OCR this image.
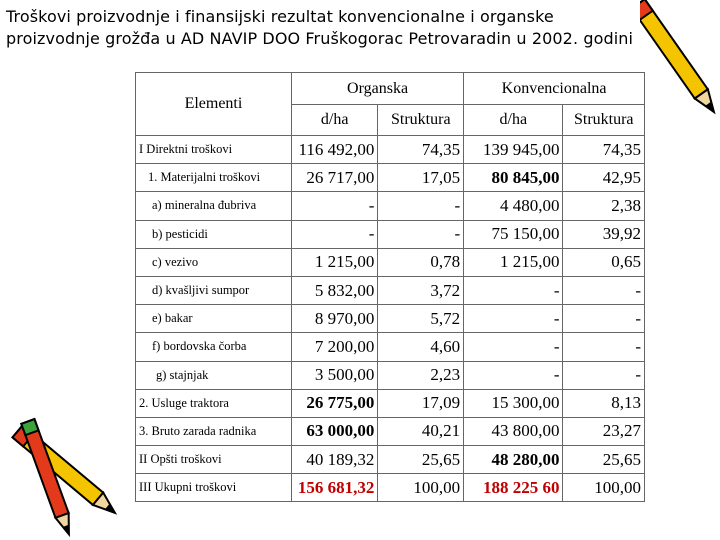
Troškovi proizvodnje i finansijski rezultat konvencionalne i organske
proizvodnje grožđa u AD NAVIP DOO Fruškogorac Petrovaradin u 2002. godini
Elementi	Organska		Konvencionalna	
	d/ha	Struktura	d/ha	Struktura
I Direktni troškovi	116 492,00	74,35	139 945,00	74,35
1. Materijalni troškovi	26 717,00	17,05	80 845,00	42,95
a) mineralna đubriva	-	-	4 480,00	2,38
b) pesticidi	-	-	75 150,00	39,92
c) vezivo	1 215,00	0,78	1 215,00	0,65
d) kvašljivi sumpor	5 832,00	3,72	-	-
e) bakar	8 970,00	5,72	-	-
f) bordovska čorba	7 200,00	4,60	-	-
g) stajnjak	3 500,00	2,23	-	-
2. Usluge traktora	26 775,00	17,09	15 300,00	8,13
3. Bruto zarada radnika	63 000,00	40,21	43 800,00	23,27
II Opšti troškovi	40 189,32	25,65	48 280,00	25,65
III Ukupni troškovi	156 681,32	100,00	188 225 60	100,00
